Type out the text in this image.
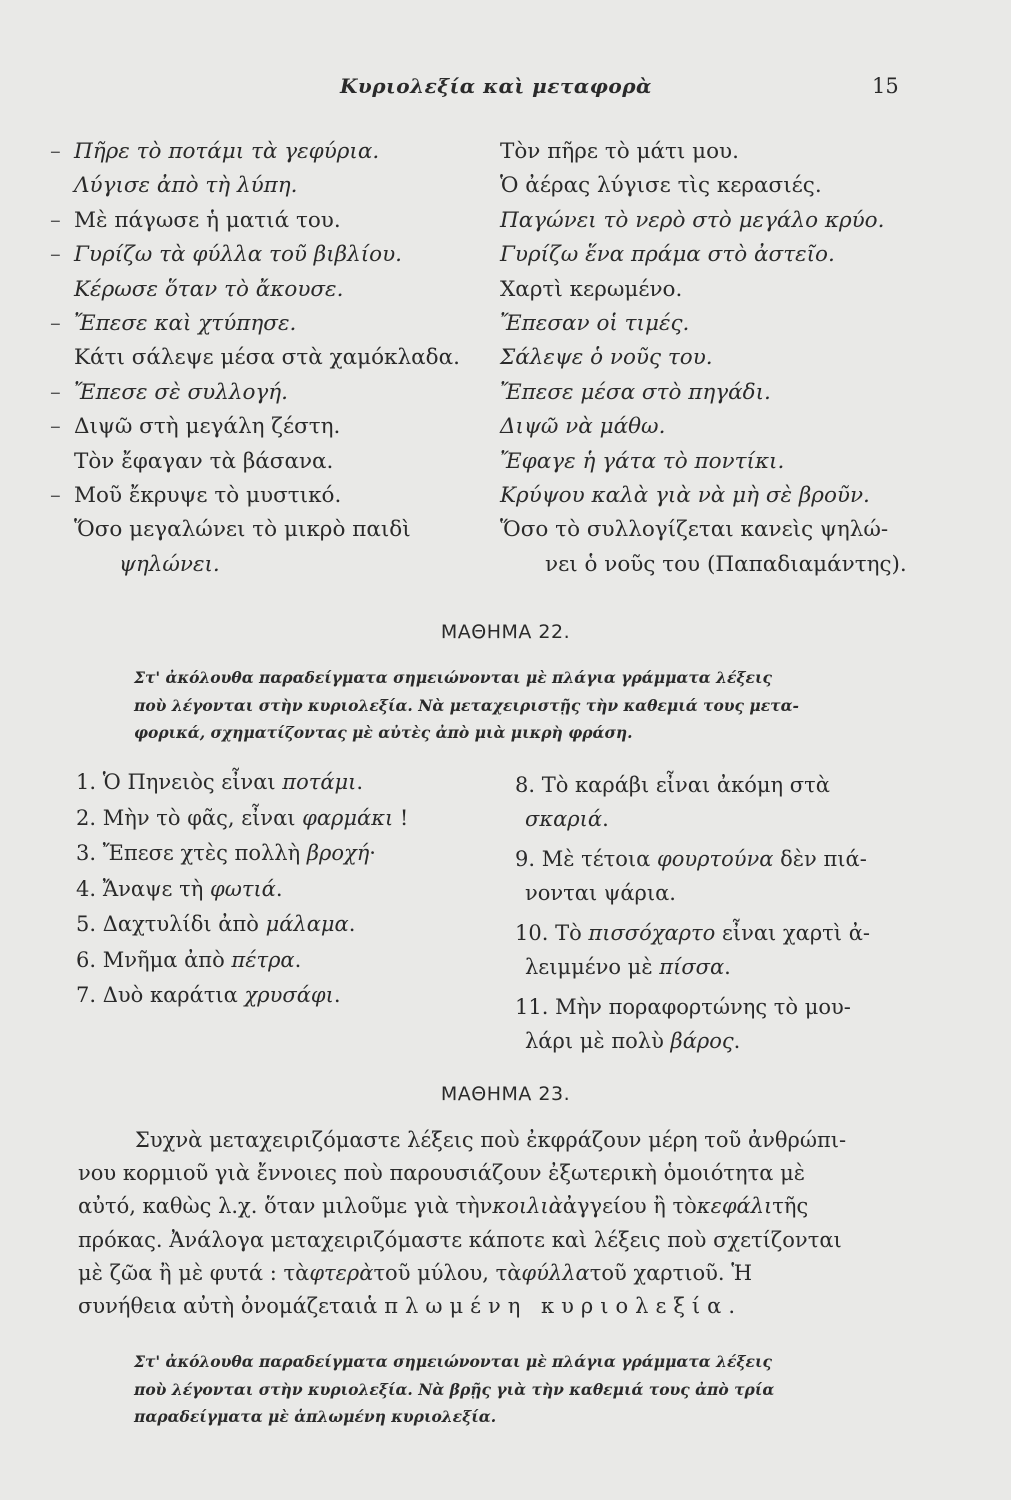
Κυριολεξία καὶ μεταφορὰ	15
– Πῆρε τὸ ποτάμι τὰ γεφύρια.
Λύγισε ἀπὸ τὴ λύπη.
– Μὲ πάγωσε ἡ ματιά του.
– Γυρίζω τὰ φύλλα τοῦ βιβλίου.
Κέρωσε ὅταν τὸ ἄκουσε.
– Ἔπεσε καὶ χτύπησε.
Κάτι σάλεψε μέσα στὰ χαμόκλαδα.
– Ἔπεσε σὲ συλλογή.
– Διψῶ στὴ μεγάλη ζέστη.
Τὸν ἔφαγαν τὰ βάσανα.
– Μοῦ ἔκρυψε τὸ μυστικό.
Ὅσο μεγαλώνει τὸ μικρὸ παιδὶ
ψηλώνει.
Τὸν πῆρε τὸ μάτι μου.
Ὁ ἀέρας λύγισε τὶς κερασιές.
Παγώνει τὸ νερὸ στὸ μεγάλο κρύο.
Γυρίζω ἕνα πράμα στὸ ἀστεῖο.
Χαρτὶ κερωμένο.
Ἔπεσαν οἱ τιμές.
Σάλεψε ὁ νοῦς του.
Ἔπεσε μέσα στὸ πηγάδι.
Διψῶ νὰ μάθω.
Ἔφαγε ἡ γάτα τὸ ποντίκι.
Κρύψου καλὰ γιὰ νὰ μὴ σὲ βροῦν.
Ὅσο τὸ συλλογίζεται κανεὶς ψηλώ-
νει ὁ νοῦς του (Παπαδιαμάντης).
ΜΑΘΗΜΑ 22.
Στ' ἀκόλουθα παραδείγματα σημειώνονται μὲ πλάγια γράμματα λέξεις
ποὺ λέγονται στὴν κυριολεξία. Νὰ μεταχειριστῇς τὴν καθεμιά τους μετα-
φορικά, σχηματίζοντας μὲ αὐτὲς ἀπὸ μιὰ μικρὴ φράση.
1. Ὁ Πηνειὸς εἶναι ποτάμι.
2. Μὴν τὸ φᾶς, εἶναι φαρμάκι !
3. Ἔπεσε χτὲς πολλὴ βροχή·
4. Ἄναψε τὴ φωτιά.
5. Δαχτυλίδι ἀπὸ μάλαμα.
6. Μνῆμα ἀπὸ πέτρα.
7. Δυὸ καράτια χρυσάφι.
8. Τὸ καράβι εἶναι ἀκόμη στὰ
σκαριά.
9. Μὲ τέτοια φουρτούνα δὲν πιά-
νονται ψάρια.
10. Τὸ πισσόχαρτο εἶναι χαρτὶ ἀ-
λειμμένο μὲ πίσσα.
11. Μὴν ποραφορτώνης τὸ μου-
λάρι μὲ πολὺ βάρος.
ΜΑΘΗΜΑ 23.
Συχνὰ μεταχειριζόμαστε λέξεις ποὺ ἐκφράζουν μέρη τοῦ ἀνθρώπι-
νου κορμιοῦ γιὰ ἔννοιες ποὺ παρουσιάζουν ἐξωτερικὴ ὁμοιότητα μὲ
αὐτό, καθὼς λ.χ. ὅταν μιλοῦμε γιὰ τὴν κοιλιὰ ἀγγείου ἢ τὸ κεφάλι τῆς
πρόκας. Ἀνάλογα μεταχειριζόμαστε κάποτε καὶ λέξεις ποὺ σχετίζονται
μὲ ζῶα ἢ μὲ φυτά : τὰ φτερὰ τοῦ μύλου, τὰ φύλλα τοῦ χαρτιοῦ. Ἡ
συνήθεια αὐτὴ ὀνομάζεται ἁπλωμένη κυριολεξία .
Στ' ἀκόλουθα παραδείγματα σημειώνονται μὲ πλάγια γράμματα λέξεις
ποὺ λέγονται στὴν κυριολεξία. Νὰ βρῇς γιὰ τὴν καθεμιά τους ἀπὸ τρία
παραδείγματα μὲ ἁπλωμένη κυριολεξία.
